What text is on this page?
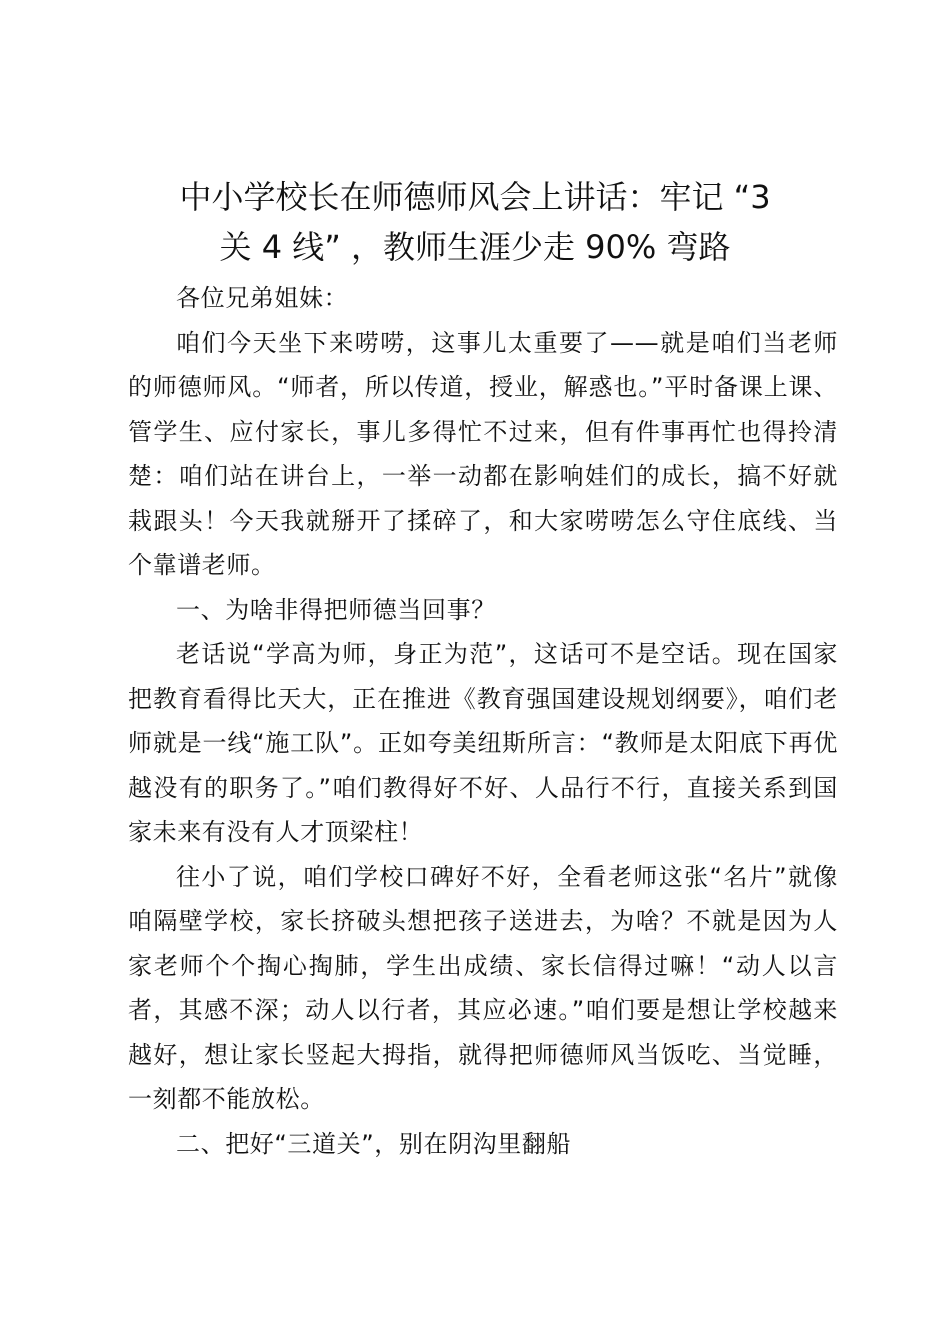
中小学校长在师德师风会上讲话：牢记 “3
关 4 线” ，教师生涯少走 90% 弯路

各位兄弟姐妹：

咱们今天坐下来唠唠，这事儿太重要了——就是咱们当老师的师德师风。“师者，所以传道，授业，解惑也。”平时备课上课、管学生、应付家长，事儿多得忙不过来，但有件事再忙也得拎清楚：咱们站在讲台上，一举一动都在影响娃们的成长，搞不好就栽跟头！今天我就掰开了揉碎了，和大家唠唠怎么守住底线、当个靠谱老师。

一、为啥非得把师德当回事？

老话说“学高为师，身正为范”，这话可不是空话。现在国家把教育看得比天大，正在推进《教育强国建设规划纲要》，咱们老师就是一线“施工队”。正如夸美纽斯所言：“教师是太阳底下再优越没有的职务了。”咱们教得好不好、人品行不行，直接关系到国家未来有没有人才顶梁柱！

往小了说，咱们学校口碑好不好，全看老师这张“名片”就像咱隔壁学校，家长挤破头想把孩子送进去，为啥？不就是因为人家老师个个掏心掏肺，学生出成绩、家长信得过嘛！“动人以言者，其感不深；动人以行者，其应必速。”咱们要是想让学校越来越好，想让家长竖起大拇指，就得把师德师风当饭吃、当觉睡，一刻都不能放松。

二、把好“三道关”，别在阴沟里翻船
